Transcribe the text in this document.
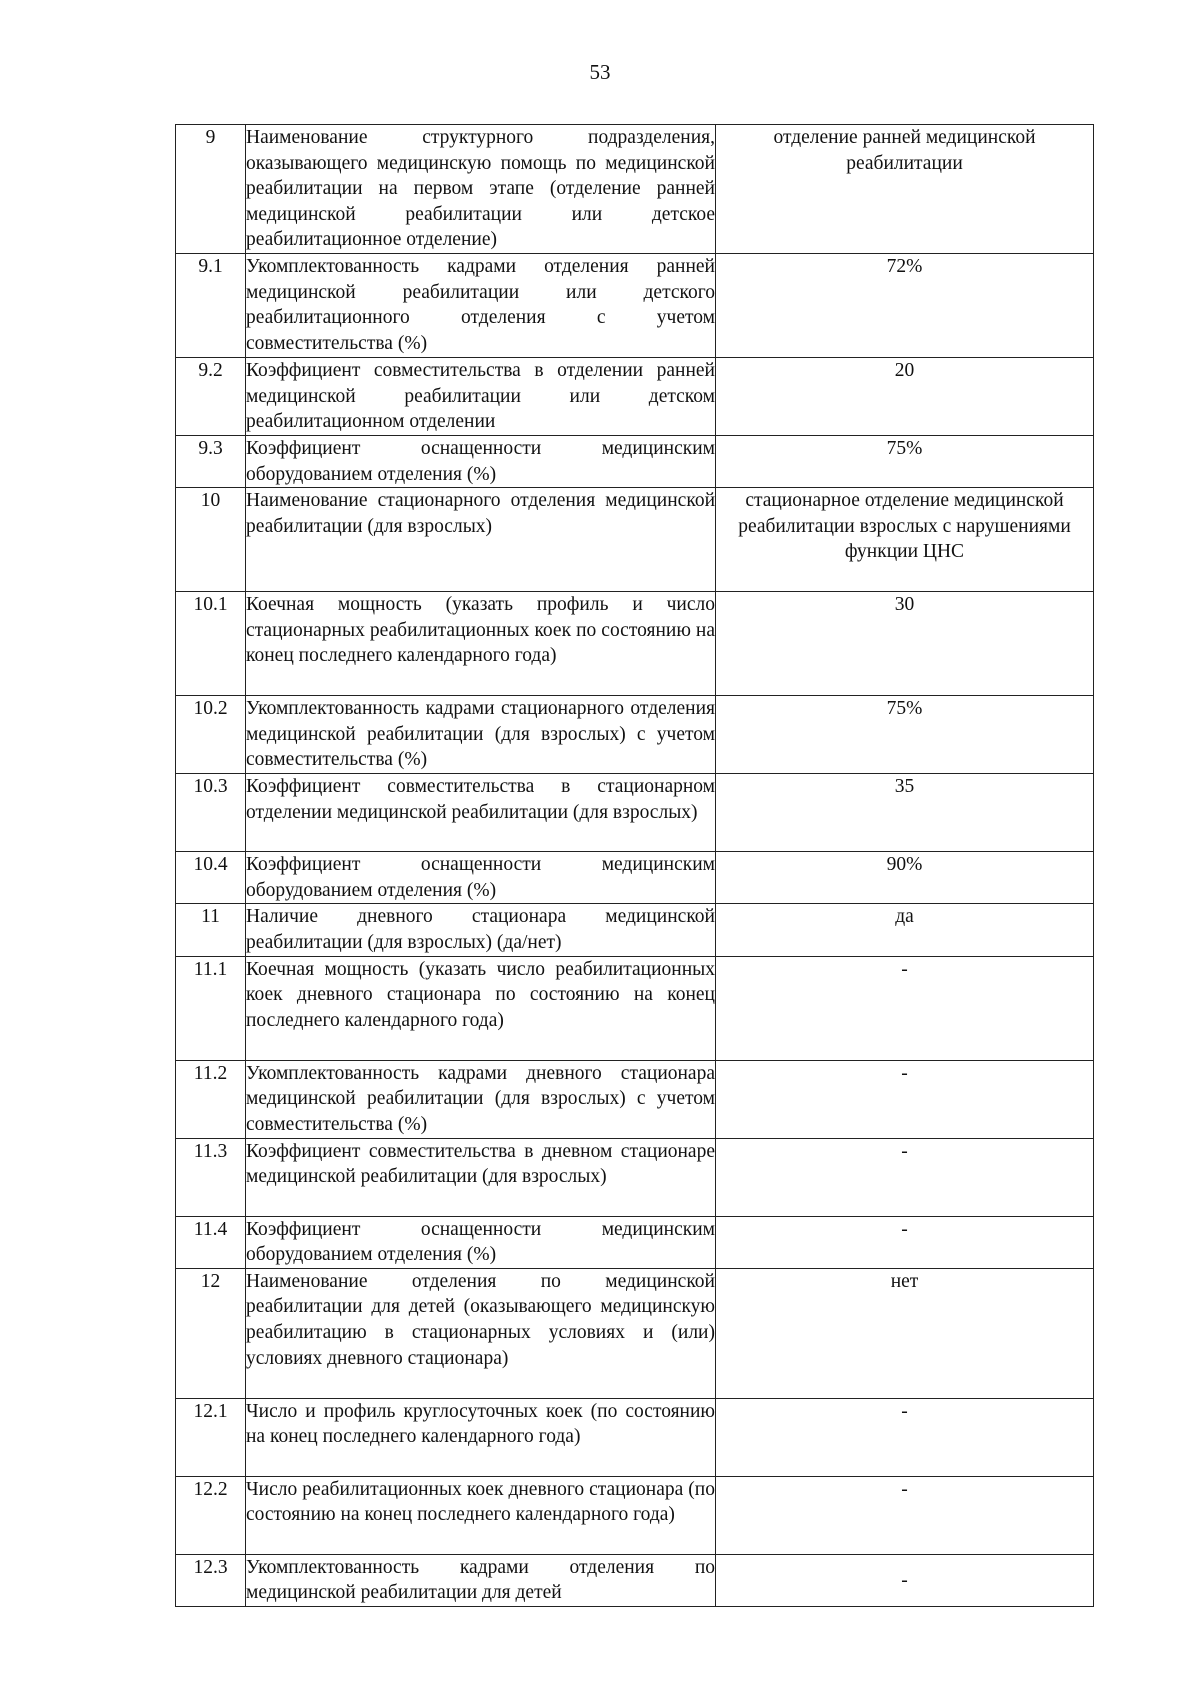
53
9	Наименование структурного подразделения, оказывающего медицинскую помощь по медицинской реабилитации на первом этапе (отделение ранней медицинской реабилитации или детское реабилитационное отделение)	отделение ранней медицинской реабилитации
9.1	Укомплектованность кадрами отделения ранней медицинской реабилитации или детского реабилитационного отделения с учетом совместительства (%)	72%
9.2	Коэффициент совместительства в отделении ранней медицинской реабилитации или детском реабилитационном отделении	20
9.3	Коэффициент оснащенности медицинским оборудованием отделения (%)	75%
10	Наименование стационарного отделения медицинской реабилитации (для взрослых)	стационарное отделение медицинской реабилитации взрослых с нарушениями функции ЦНС
10.1	Коечная мощность (указать профиль и число стационарных реабилитационных коек по состоянию на конец последнего календарного года)	30
10.2	Укомплектованность кадрами стационарного отделения медицинской реабилитации (для взрослых) с учетом совместительства (%)	75%
10.3	Коэффициент совместительства в стационарном отделении медицинской реабилитации (для взрослых)	35
10.4	Коэффициент оснащенности медицинским оборудованием отделения (%)	90%
11	Наличие дневного стационара медицинской реабилитации (для взрослых) (да/нет)	да
11.1	Коечная мощность (указать число реабилитационных коек дневного стационара по состоянию на конец последнего календарного года)	-
11.2	Укомплектованность кадрами дневного стационара медицинской реабилитации (для взрослых) с учетом совместительства (%)	-
11.3	Коэффициент совместительства в дневном стационаре медицинской реабилитации (для взрослых)	-
11.4	Коэффициент оснащенности медицинским оборудованием отделения (%)	-
12	Наименование отделения по медицинской реабилитации для детей (оказывающего медицинскую реабилитацию в стационарных условиях и (или) условиях дневного стационара)	нет
12.1	Число и профиль круглосуточных коек (по состоянию на конец последнего календарного года)	-
12.2	Число реабилитационных коек дневного стационара (по состоянию на конец последнего календарного года)	-
12.3	Укомплектованность кадрами отделения по медицинской реабилитации для детей	-
